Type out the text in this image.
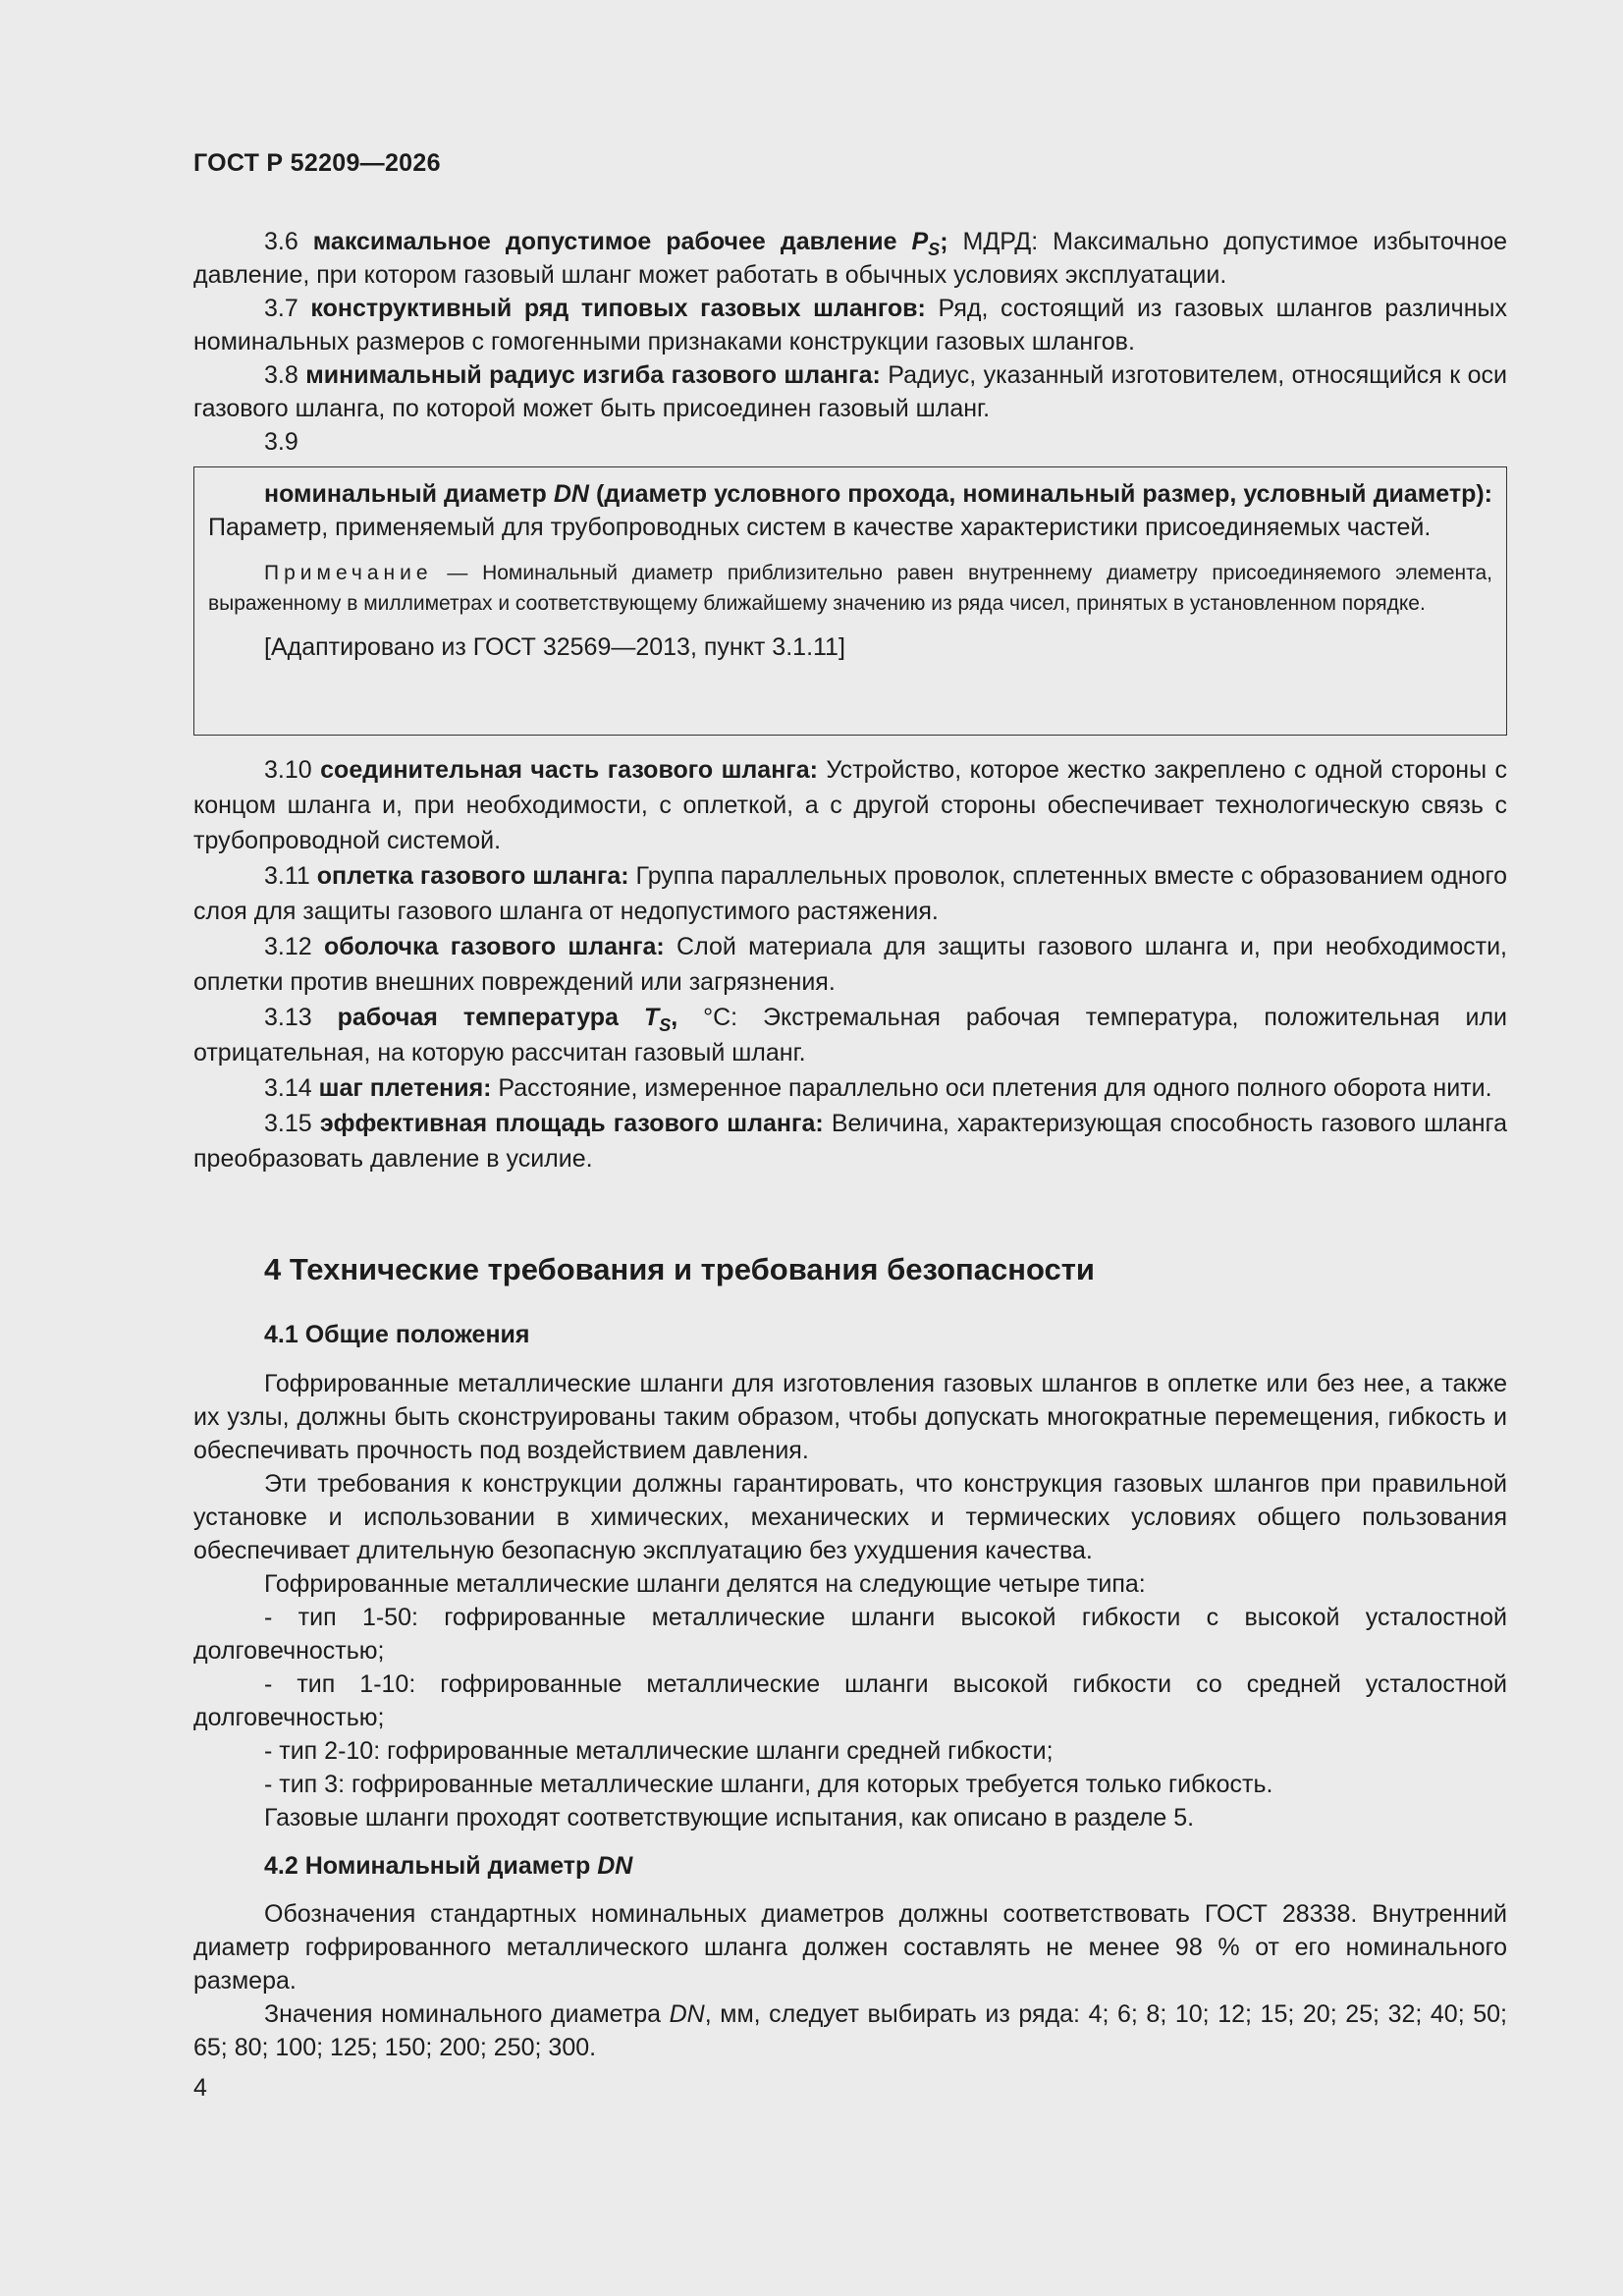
ГОСТ Р 52209—2026

3.6 максимальное допустимое рабочее давление $P_S$; МДРД: Максимально допустимое избыточное давление, при котором газовый шланг может работать в обычных условиях эксплуатации.

3.7 конструктивный ряд типовых газовых шлангов: Ряд, состоящий из газовых шлангов различных номинальных размеров с гомогенными признаками конструкции газовых шлангов.

3.8 минимальный радиус изгиба газового шланга: Радиус, указанный изготовителем, относящийся к оси газового шланга, по которой может быть присоединен газовый шланг.

3.9

номинальный диаметр DN (диаметр условного прохода, номинальный размер, условный диаметр): Параметр, применяемый для трубопроводных систем в качестве характеристики присоединяемых частей.

Примечание — Номинальный диаметр приблизительно равен внутреннему диаметру присоединяемого элемента, выраженному в миллиметрах и соответствующему ближайшему значению из ряда чисел, принятых в установленном порядке.

[Адаптировано из ГОСТ 32569—2013, пункт 3.1.11]

3.10 соединительная часть газового шланга: Устройство, которое жестко закреплено с одной стороны с концом шланга и, при необходимости, с оплеткой, а с другой стороны обеспечивает технологическую связь с трубопроводной системой.

3.11 оплетка газового шланга: Группа параллельных проволок, сплетенных вместе с образованием одного слоя для защиты газового шланга от недопустимого растяжения.

3.12 оболочка газового шланга: Слой материала для защиты газового шланга и, при необходимости, оплетки против внешних повреждений или загрязнения.

3.13 рабочая температура $T_S$, °С: Экстремальная рабочая температура, положительная или отрицательная, на которую рассчитан газовый шланг.

3.14 шаг плетения: Расстояние, измеренное параллельно оси плетения для одного полного оборота нити.

3.15 эффективная площадь газового шланга: Величина, характеризующая способность газового шланга преобразовать давление в усилие.

4 Технические требования и требования безопасности
4.1 Общие положения

Гофрированные металлические шланги для изготовления газовых шлангов в оплетке или без нее, а также их узлы, должны быть сконструированы таким образом, чтобы допускать многократные перемещения, гибкость и обеспечивать прочность под воздействием давления.

Эти требования к конструкции должны гарантировать, что конструкция газовых шлангов при правильной установке и использовании в химических, механических и термических условиях общего пользования обеспечивает длительную безопасную эксплуатацию без ухудшения качества.

Гофрированные металлические шланги делятся на следующие четыре типа:

- тип 1-50: гофрированные металлические шланги высокой гибкости с высокой усталостной долговечностью;

- тип 1-10: гофрированные металлические шланги высокой гибкости со средней усталостной долговечностью;

- тип 2-10: гофрированные металлические шланги средней гибкости;

- тип 3: гофрированные металлические шланги, для которых требуется только гибкость.

Газовые шланги проходят соответствующие испытания, как описано в разделе 5.

4.2 Номинальный диаметр DN

Обозначения стандартных номинальных диаметров должны соответствовать ГОСТ 28338. Внутренний диаметр гофрированного металлического шланга должен составлять не менее 98 % от его номинального размера.

Значения номинального диаметра DN, мм, следует выбирать из ряда: 4; 6; 8; 10; 12; 15; 20; 25; 32; 40; 50; 65; 80; 100; 125; 150; 200; 250; 300.

4
